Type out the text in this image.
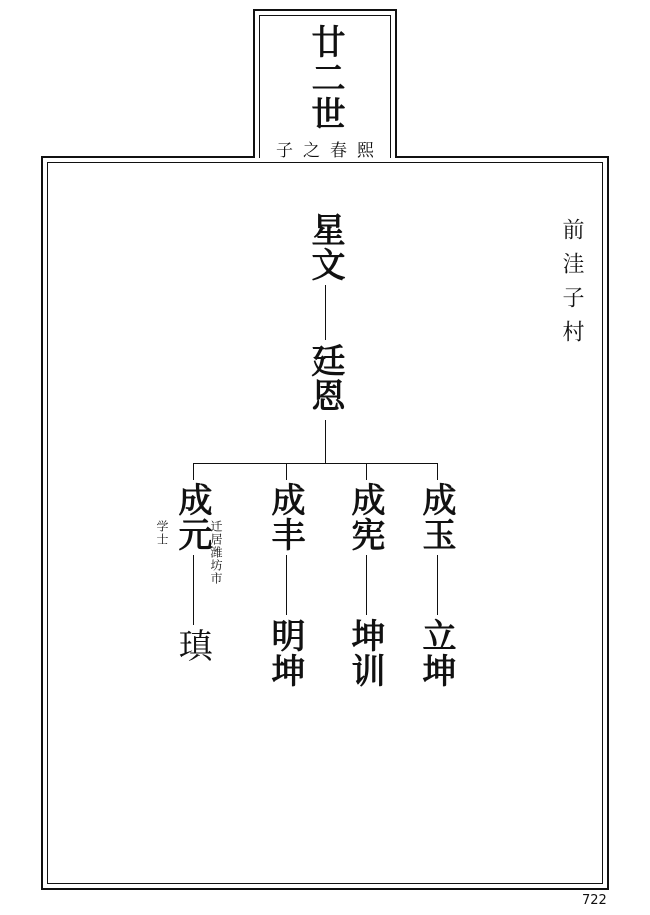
廿二世
子之春熙
前洼子村
星文
廷恩
成元
学士	迁居潍坊市
瑱
成丰
明坤
成宪
坤训
成玉
立坤
722
